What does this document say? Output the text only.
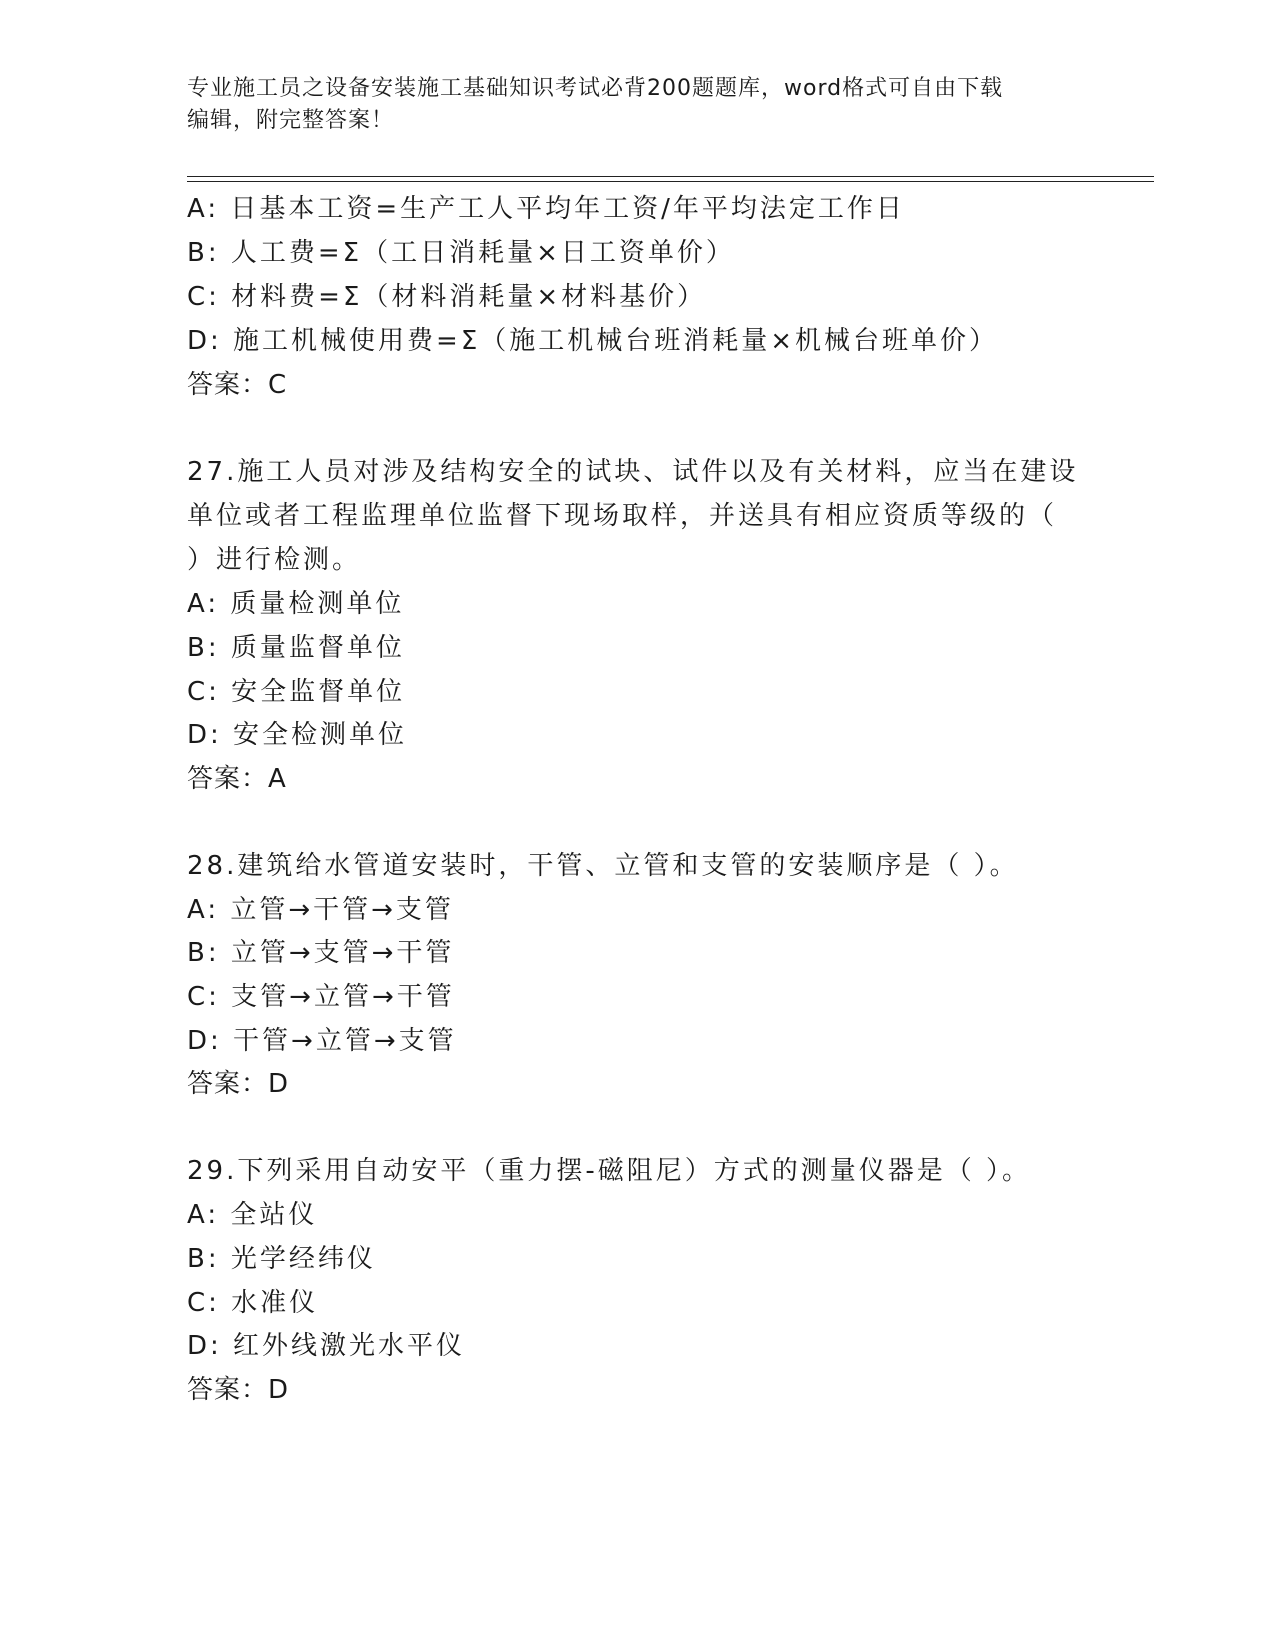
专业施工员之设备安装施工基础知识考试必背200题题库，word格式可自由下载
编辑，附完整答案！
A: 日基本工资=生产工人平均年工资/年平均法定工作日
B: 人工费=Σ（工日消耗量×日工资单价）
C: 材料费=Σ（材料消耗量×材料基价）
D: 施工机械使用费=Σ（施工机械台班消耗量×机械台班单价）
答案：C
27.施工人员对涉及结构安全的试块、试件以及有关材料，应当在建设
单位或者工程监理单位监督下现场取样，并送具有相应资质等级的（
）进行检测。
A: 质量检测单位
B: 质量监督单位
C: 安全监督单位
D: 安全检测单位
答案：A
28.建筑给水管道安装时，干管、立管和支管的安装顺序是（ ）。
A: 立管→干管→支管
B: 立管→支管→干管
C: 支管→立管→干管
D: 干管→立管→支管
答案：D
29.下列采用自动安平（重力摆-磁阻尼）方式的测量仪器是（ ）。
A: 全站仪
B: 光学经纬仪
C: 水准仪
D: 红外线激光水平仪
答案：D
